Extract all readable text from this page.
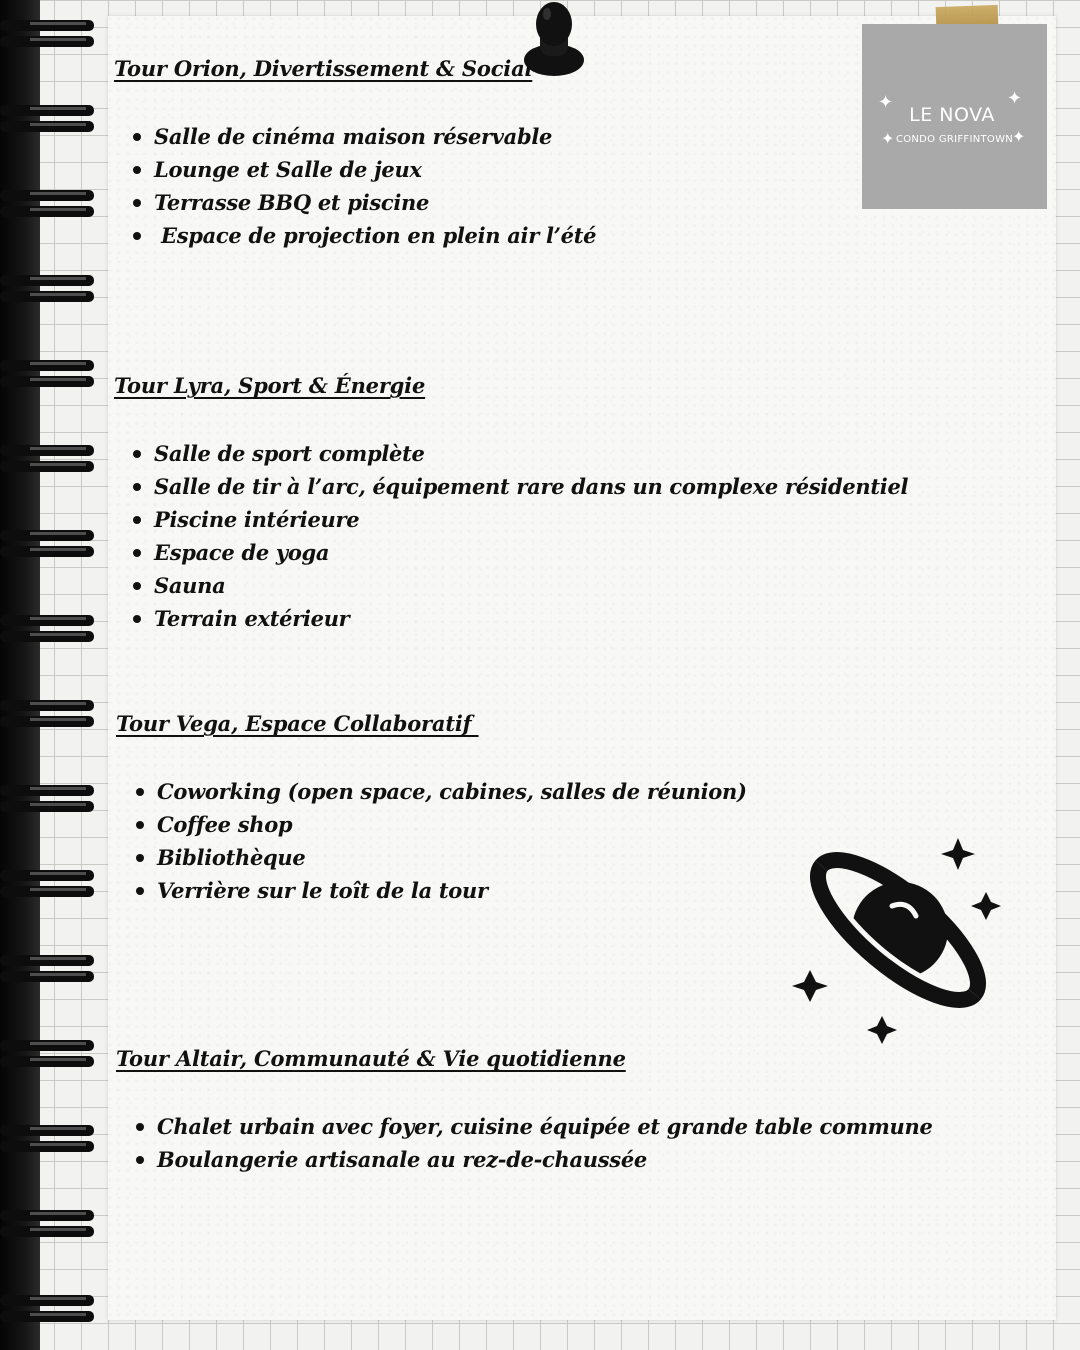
✦	✦
✦	✦
LE NOVA
CONDO GRIFFINTOWN
Tour Orion, Divertissement & Social
Salle de cinéma maison réservable
Lounge et Salle de jeux
Terrasse BBQ et piscine
Espace de projection en plein air l’été
Tour Lyra, Sport & Énergie
Salle de sport complète
Salle de tir à l’arc, équipement rare dans un complexe résidentiel
Piscine intérieure
Espace de yoga
Sauna
Terrain extérieur
Tour Vega, Espace Collaboratif
Coworking (open space, cabines, salles de réunion)
Coffee shop
Bibliothèque
Verrière sur le toît de la tour
Tour Altair, Communauté & Vie quotidienne
Chalet urbain avec foyer, cuisine équipée et grande table commune
Boulangerie artisanale au rez-de-chaussée
